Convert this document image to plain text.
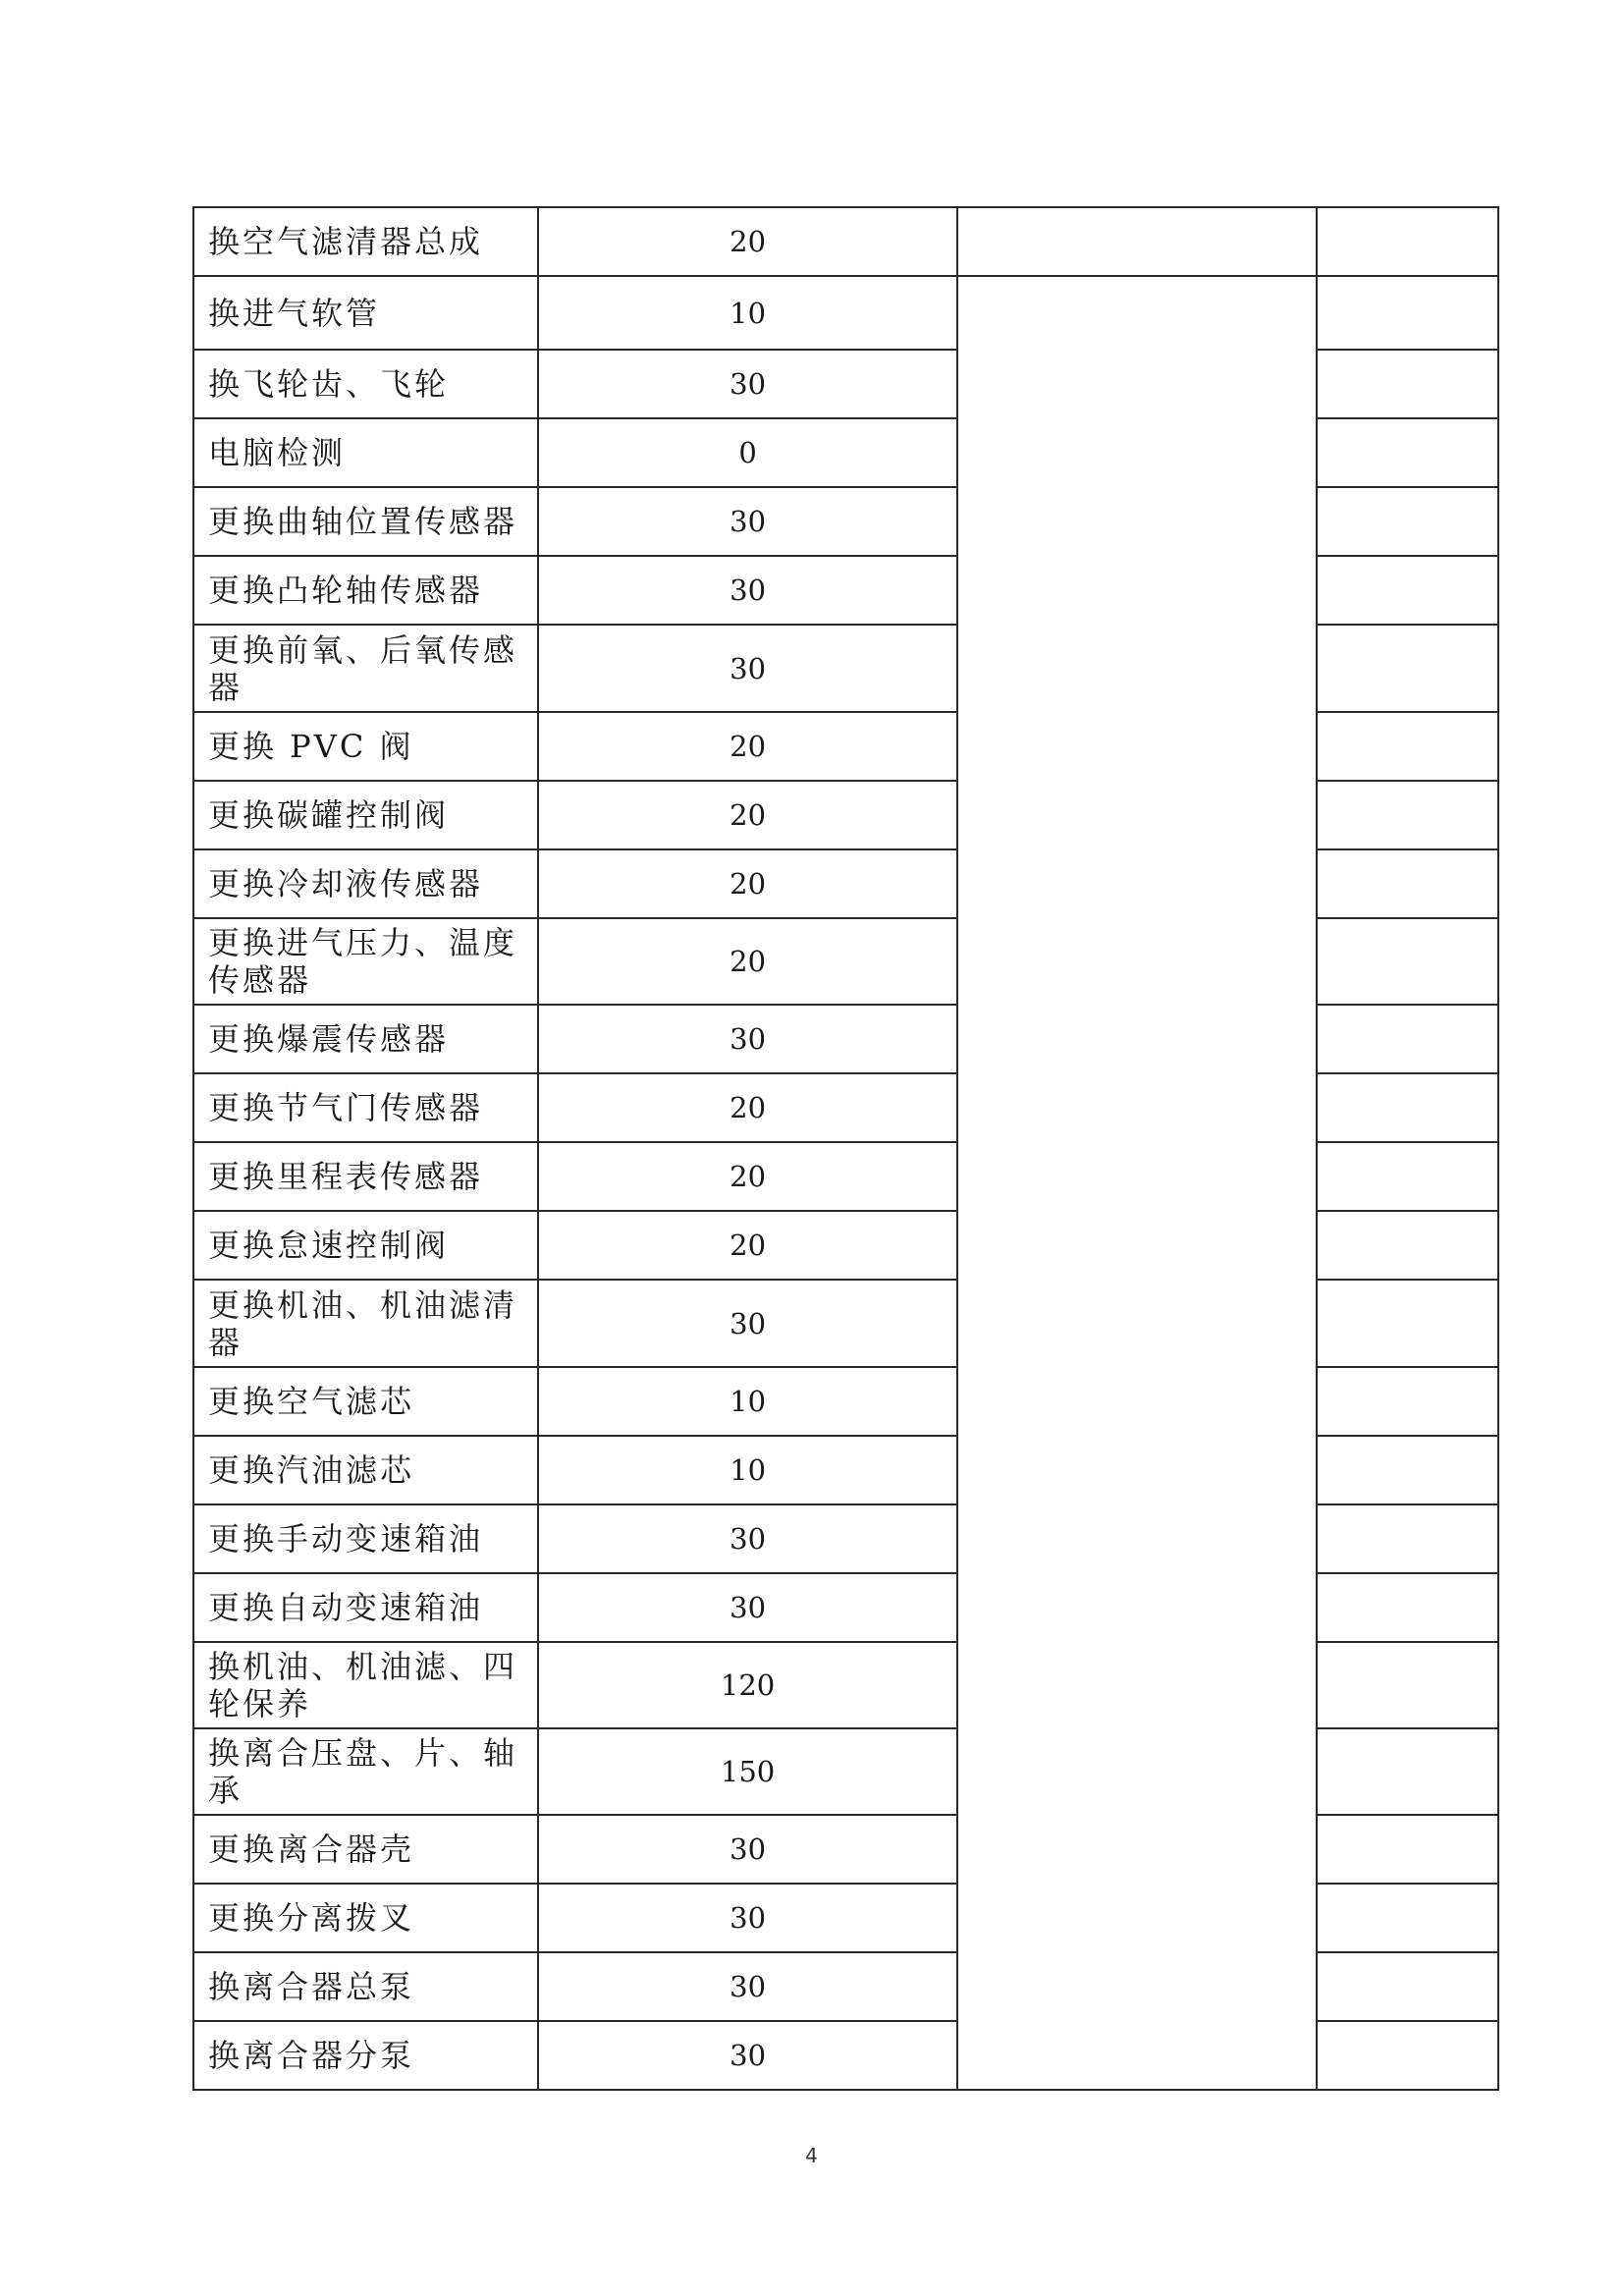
换空气滤清器总成	20		
换进气软管	10		
换飞轮齿、飞轮	30		
电脑检测	0		
更换曲轴位置传感器	30		
更换凸轮轴传感器	30		
更换前氧、后氧传感器	30		
更换 PVC 阀	20		
更换碳罐控制阀	20		
更换冷却液传感器	20		
更换进气压力、温度传感器	20		
更换爆震传感器	30		
更换节气门传感器	20		
更换里程表传感器	20		
更换怠速控制阀	20		
更换机油、机油滤清器	30		
更换空气滤芯	10		
更换汽油滤芯	10		
更换手动变速箱油	30		
更换自动变速箱油	30		
换机油、机油滤、四轮保养	120		
换离合压盘、片、轴承	150		
更换离合器壳	30		
更换分离拨叉	30		
换离合器总泵	30		
换离合器分泵	30		
4
